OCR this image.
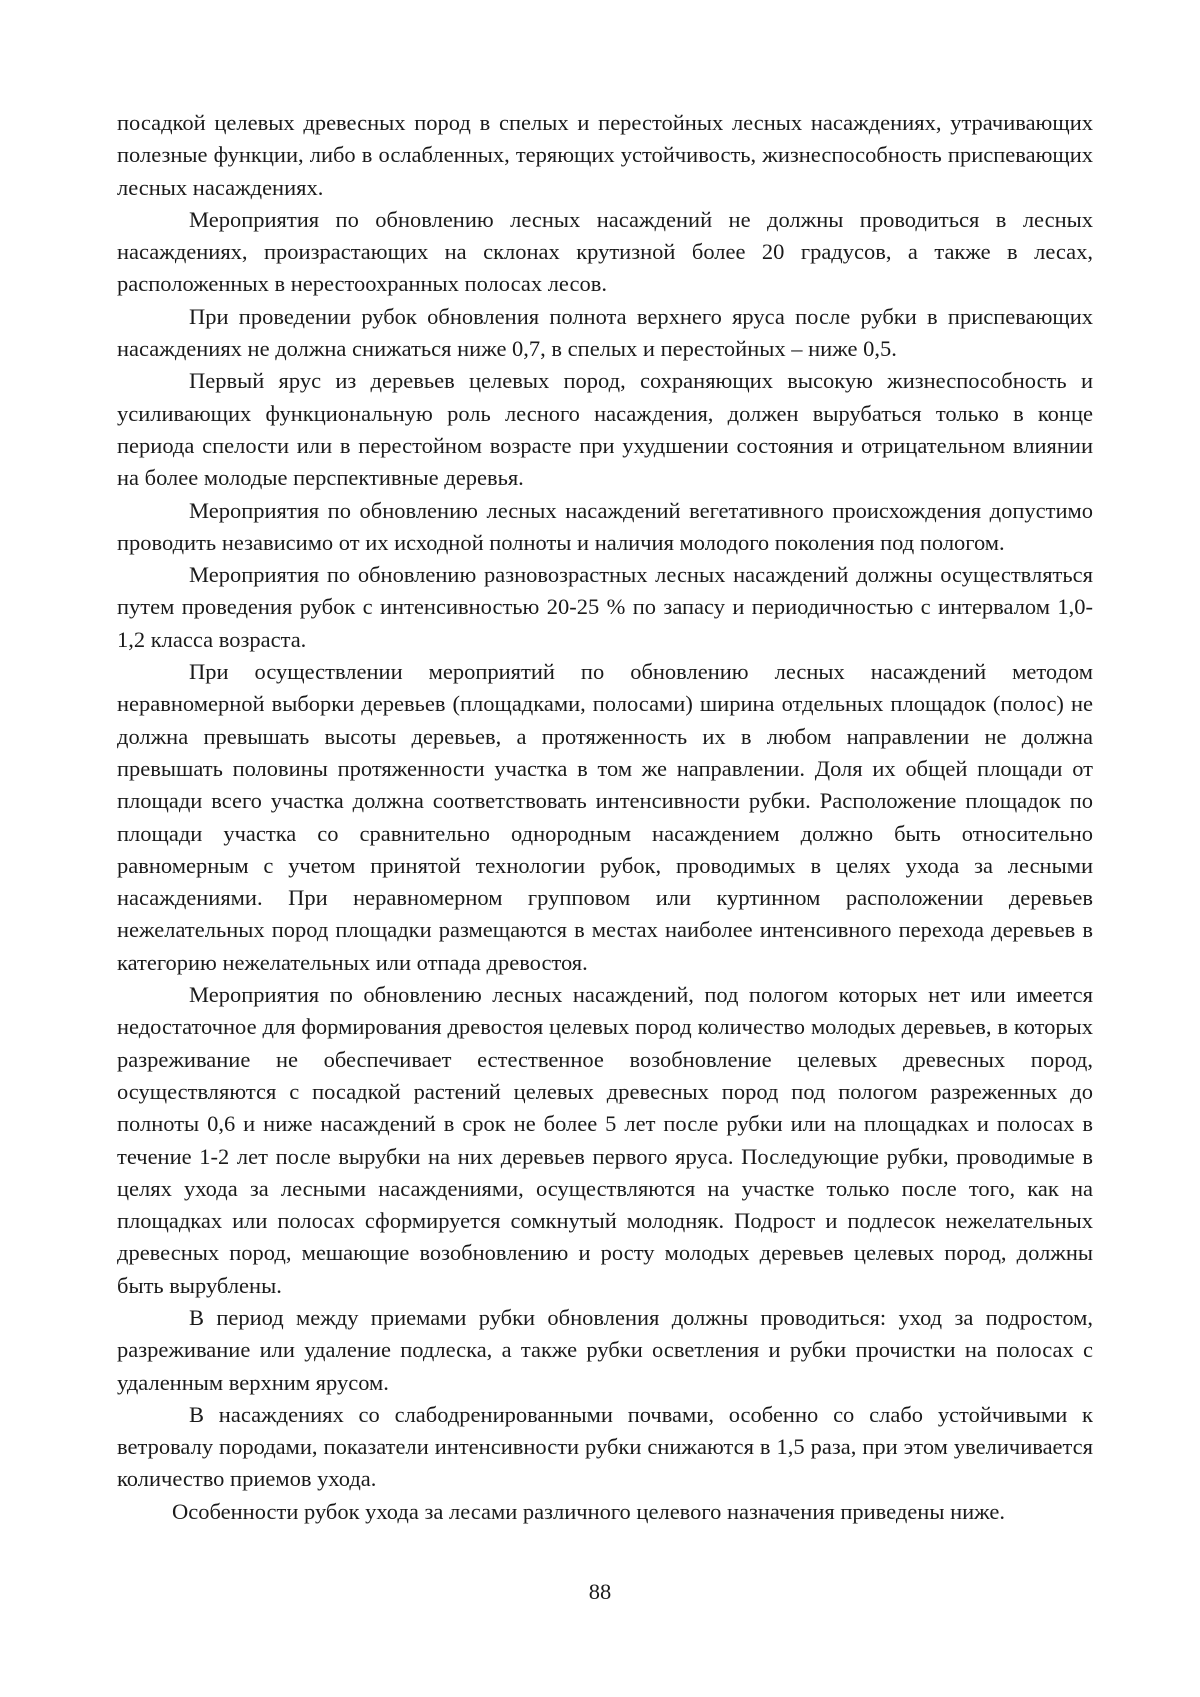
посадкой целевых древесных пород в спелых и перестойных лесных насаждениях, утрачивающих полезные функции, либо в ослабленных, теряющих устойчивость, жизнеспособность приспевающих лесных насаждениях.

Мероприятия по обновлению лесных насаждений не должны проводиться в лесных насаждениях, произрастающих на склонах крутизной более 20 градусов, а также в лесах, расположенных в нерестоохранных полосах лесов.

При проведении рубок обновления полнота верхнего яруса после рубки в приспевающих насаждениях не должна снижаться ниже 0,7, в спелых и перестойных – ниже 0,5.

Первый ярус из деревьев целевых пород, сохраняющих высокую жизнеспособность и усиливающих функциональную роль лесного насаждения, должен вырубаться только в конце периода спелости или в перестойном возрасте при ухудшении состояния и отрицательном влиянии на более молодые перспективные деревья.

Мероприятия по обновлению лесных насаждений вегетативного происхождения допустимо проводить независимо от их исходной полноты и наличия молодого поколения под пологом.

Мероприятия по обновлению разновозрастных лесных насаждений должны осуществляться путем проведения рубок с интенсивностью 20-25 % по запасу и периодичностью с интервалом 1,0-1,2 класса возраста.

При осуществлении мероприятий по обновлению лесных насаждений методом неравномерной выборки деревьев (площадками, полосами) ширина отдельных площадок (полос) не должна превышать высоты деревьев, а протяженность их в любом направлении не должна превышать половины протяженности участка в том же направлении. Доля их общей площади от площади всего участка должна соответствовать интенсивности рубки. Расположение площадок по площади участка со сравнительно однородным насаждением должно быть относительно равномерным с учетом принятой технологии рубок, проводимых в целях ухода за лесными насаждениями. При неравномерном групповом или куртинном расположении деревьев нежелательных пород площадки размещаются в местах наиболее интенсивного перехода деревьев в категорию нежелательных или отпада древостоя.

Мероприятия по обновлению лесных насаждений, под пологом которых нет или имеется недостаточное для формирования древостоя целевых пород количество молодых деревьев, в которых разреживание не обеспечивает естественное возобновление целевых древесных пород, осуществляются с посадкой растений целевых древесных пород под пологом разреженных до полноты 0,6 и ниже насаждений в срок не более 5 лет после рубки или на площадках и полосах в течение 1-2 лет после вырубки на них деревьев первого яруса. Последующие рубки, проводимые в целях ухода за лесными насаждениями, осуществляются на участке только после того, как на площадках или полосах сформируется сомкнутый молодняк. Подрост и подлесок нежелательных древесных пород, мешающие возобновлению и росту молодых деревьев целевых пород, должны быть вырублены.

В период между приемами рубки обновления должны проводиться: уход за подростом, разреживание или удаление подлеска, а также рубки осветления и рубки прочистки на полосах с удаленным верхним ярусом.

В насаждениях со слабодренированными почвами, особенно со слабо устойчивыми к ветровалу породами, показатели интенсивности рубки снижаются в 1,5 раза, при этом увеличивается количество приемов ухода.

Особенности рубок ухода за лесами различного целевого назначения приведены ниже.

88
